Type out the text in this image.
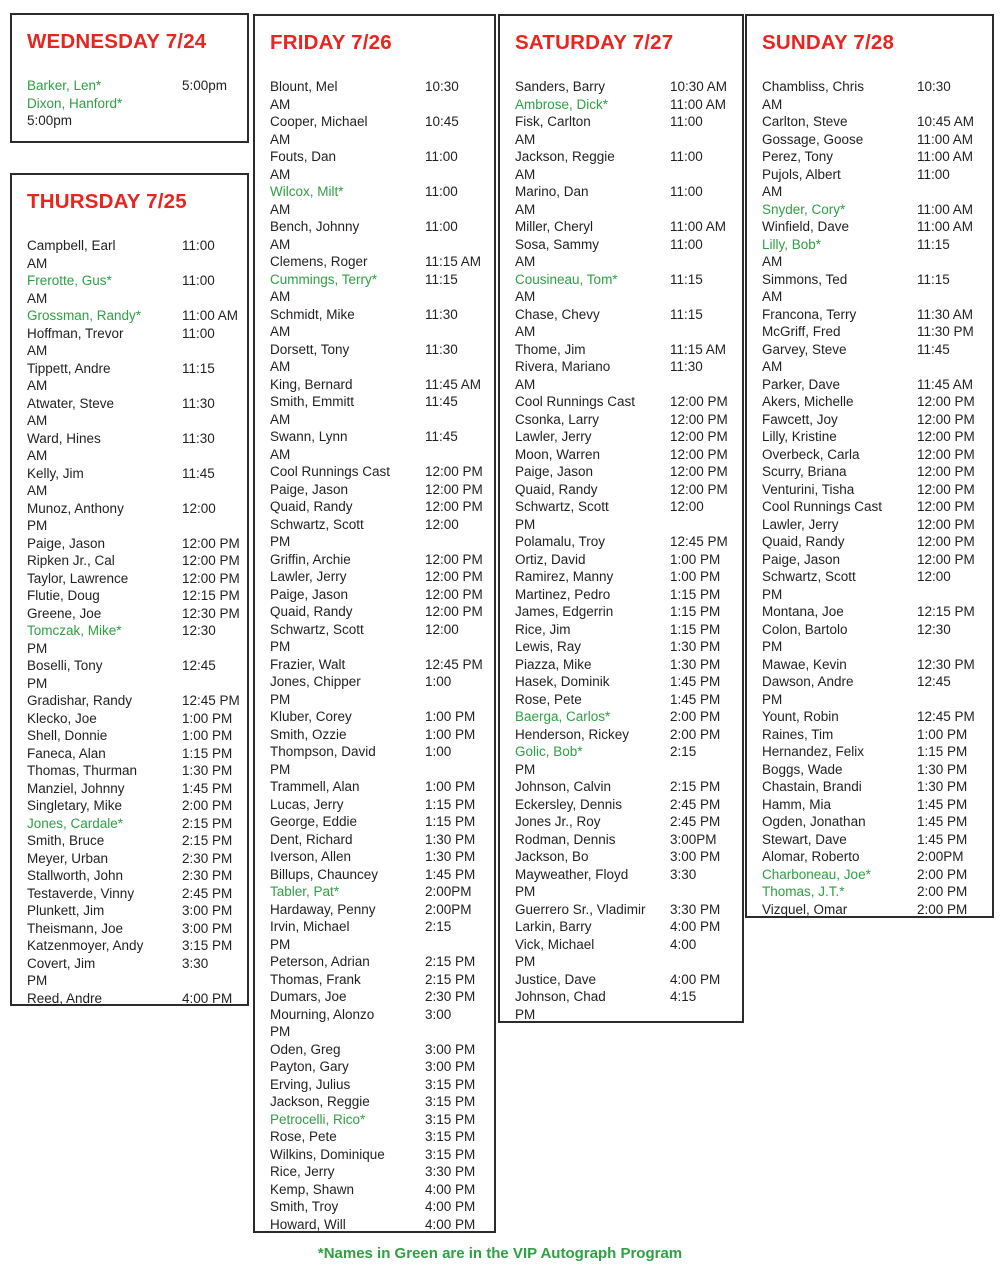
WEDNESDAY 7/24
Barker, Len*	5:00pm
Dixon, Hanford*
5:00pm
THURSDAY 7/25
Campbell, Earl	11:00
AM
Frerotte, Gus*	11:00
AM
Grossman, Randy*	11:00 AM
Hoffman, Trevor	11:00
AM
Tippett, Andre	11:15
AM
Atwater, Steve	11:30
AM
Ward, Hines	11:30
AM
Kelly, Jim	11:45
AM
Munoz, Anthony	12:00
PM
Paige, Jason	12:00 PM
Ripken Jr., Cal	12:00 PM
Taylor, Lawrence	12:00 PM
Flutie, Doug	12:15 PM
Greene, Joe	12:30 PM
Tomczak, Mike*	12:30
PM
Boselli, Tony	12:45
PM
Gradishar, Randy	12:45 PM
Klecko, Joe	1:00 PM
Shell, Donnie	1:00 PM
Faneca, Alan	1:15 PM
Thomas, Thurman	1:30 PM
Manziel, Johnny	1:45 PM
Singletary, Mike	2:00 PM
Jones, Cardale*	2:15 PM
Smith, Bruce	2:15 PM
Meyer, Urban	2:30 PM
Stallworth, John	2:30 PM
Testaverde, Vinny	2:45 PM
Plunkett, Jim	3:00 PM
Theismann, Joe	3:00 PM
Katzenmoyer, Andy	3:15 PM
Covert, Jim	3:30
PM
Reed, Andre	4:00 PM
FRIDAY 7/26
Blount, Mel	10:30
AM
Cooper, Michael	10:45
AM
Fouts, Dan	11:00
AM
Wilcox, Milt*	11:00
AM
Bench, Johnny	11:00
AM
Clemens, Roger	11:15 AM
Cummings, Terry*	11:15
AM
Schmidt, Mike	11:30
AM
Dorsett, Tony	11:30
AM
King, Bernard	11:45 AM
Smith, Emmitt	11:45
AM
Swann, Lynn	11:45
AM
Cool Runnings Cast	12:00 PM
Paige, Jason	12:00 PM
Quaid, Randy	12:00 PM
Schwartz, Scott	12:00
PM
Griffin, Archie	12:00 PM
Lawler, Jerry	12:00 PM
Paige, Jason	12:00 PM
Quaid, Randy	12:00 PM
Schwartz, Scott	12:00
PM
Frazier, Walt	12:45 PM
Jones, Chipper	1:00
PM
Kluber, Corey	1:00 PM
Smith, Ozzie	1:00 PM
Thompson, David	1:00
PM
Trammell, Alan	1:00 PM
Lucas, Jerry	1:15 PM
George, Eddie	1:15 PM
Dent, Richard	1:30 PM
Iverson, Allen	1:30 PM
Billups, Chauncey	1:45 PM
Tabler, Pat*	2:00PM
Hardaway, Penny	2:00PM
Irvin, Michael	2:15
PM
Peterson, Adrian	2:15 PM
Thomas, Frank	2:15 PM
Dumars, Joe	2:30 PM
Mourning, Alonzo	3:00
PM
Oden, Greg	3:00 PM
Payton, Gary	3:00 PM
Erving, Julius	3:15 PM
Jackson, Reggie	3:15 PM
Petrocelli, Rico*	3:15 PM
Rose, Pete	3:15 PM
Wilkins, Dominique	3:15 PM
Rice, Jerry	3:30 PM
Kemp, Shawn	4:00 PM
Smith, Troy	4:00 PM
Howard, Will	4:00 PM
SATURDAY 7/27
Sanders, Barry	10:30 AM
Ambrose, Dick*	11:00 AM
Fisk, Carlton	11:00
AM
Jackson, Reggie	11:00
AM
Marino, Dan	11:00
AM
Miller, Cheryl	11:00 AM
Sosa, Sammy	11:00
AM
Cousineau, Tom*	11:15
AM
Chase, Chevy	11:15
AM
Thome, Jim	11:15 AM
Rivera, Mariano	11:30
AM
Cool Runnings Cast	12:00 PM
Csonka, Larry	12:00 PM
Lawler, Jerry	12:00 PM
Moon, Warren	12:00 PM
Paige, Jason	12:00 PM
Quaid, Randy	12:00 PM
Schwartz, Scott	12:00
PM
Polamalu, Troy	12:45 PM
Ortiz, David	1:00 PM
Ramirez, Manny	1:00 PM
Martinez, Pedro	1:15 PM
James, Edgerrin	1:15 PM
Rice, Jim	1:15 PM
Lewis, Ray	1:30 PM
Piazza, Mike	1:30 PM
Hasek, Dominik	1:45 PM
Rose, Pete	1:45 PM
Baerga, Carlos*	2:00 PM
Henderson, Rickey	2:00 PM
Golic, Bob*	2:15
PM
Johnson, Calvin	2:15 PM
Eckersley, Dennis	2:45 PM
Jones Jr., Roy	2:45 PM
Rodman, Dennis	3:00PM
Jackson, Bo	3:00 PM
Mayweather, Floyd	3:30
PM
Guerrero Sr., Vladimir	3:30 PM
Larkin, Barry	4:00 PM
Vick, Michael	4:00
PM
Justice, Dave	4:00 PM
Johnson, Chad	4:15
PM
SUNDAY 7/28
Chambliss, Chris	10:30
AM
Carlton, Steve	10:45 AM
Gossage, Goose	11:00 AM
Perez, Tony	11:00 AM
Pujols, Albert	11:00
AM
Snyder, Cory*	11:00 AM
Winfield, Dave	11:00 AM
Lilly, Bob*	11:15
AM
Simmons, Ted	11:15
AM
Francona, Terry	11:30 AM
McGriff, Fred	11:30 PM
Garvey, Steve	11:45
AM
Parker, Dave	11:45 AM
Akers, Michelle	12:00 PM
Fawcett, Joy	12:00 PM
Lilly, Kristine	12:00 PM
Overbeck, Carla	12:00 PM
Scurry, Briana	12:00 PM
Venturini, Tisha	12:00 PM
Cool Runnings Cast	12:00 PM
Lawler, Jerry	12:00 PM
Quaid, Randy	12:00 PM
Paige, Jason	12:00 PM
Schwartz, Scott	12:00
PM
Montana, Joe	12:15 PM
Colon, Bartolo	12:30
PM
Mawae, Kevin	12:30 PM
Dawson, Andre	12:45
PM
Yount, Robin	12:45 PM
Raines, Tim	1:00 PM
Hernandez, Felix	1:15 PM
Boggs, Wade	1:30 PM
Chastain, Brandi	1:30 PM
Hamm, Mia	1:45 PM
Ogden, Jonathan	1:45 PM
Stewart, Dave	1:45 PM
Alomar, Roberto	2:00PM
Charboneau, Joe*	2:00 PM
Thomas, J.T.*	2:00 PM
Vizquel, Omar	2:00 PM
*Names in Green are in the VIP Autograph Program
